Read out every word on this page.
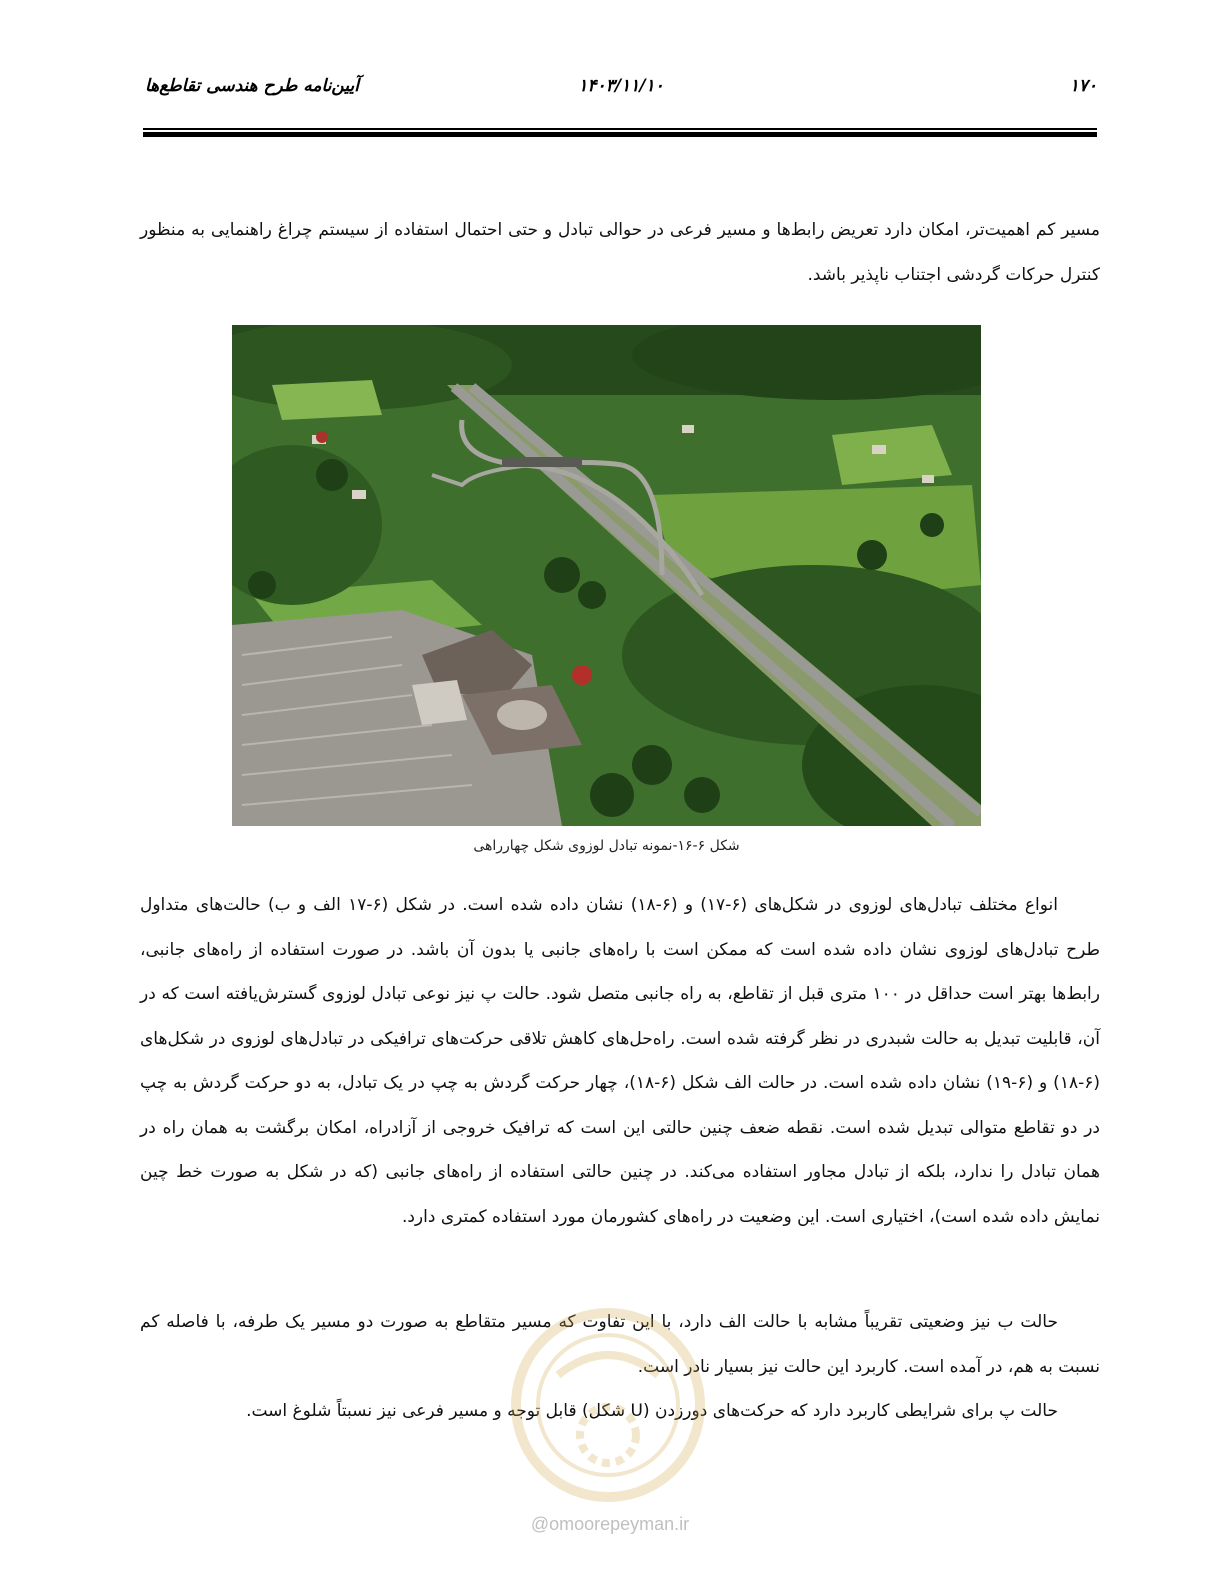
۱۷۰
۱۴۰۳/۱۱/۱۰
آیین‌نامه طرح هندسی تقاطع‌ها
مسیر کم اهمیت‌تر، امکان دارد تعریض رابط‌ها و مسیر فرعی در حوالی تبادل و حتی احتمال استفاده از سیستم چراغ راهنمایی به منظور کنترل حرکات گردشی اجتناب ناپذیر باشد.
شکل ۶-۱۶-نمونه تبادل لوزوی شکل چهارراهی
انواع مختلف تبادل‌های لوزوی در شکل‌های (۶-۱۷) و (۶-۱۸) نشان داده شده است. در شکل (۶-۱۷ الف و ب) حالت‌های متداول طرح تبادل‌های لوزوی نشان داده شده است که ممکن است با راه‌های جانبی یا بدون آن باشد. در صورت استفاده از راه‌های جانبی، رابط‌ها بهتر است حداقل در ۱۰۰ متری قبل از تقاطع، به راه جانبی متصل شود. حالت پ نیز نوعی تبادل لوزوی گسترش‌یافته است که در آن، قابلیت تبدیل به حالت شبدری در نظر گرفته شده است. راه‌حل‌های کاهش تلاقی حرکت‌های ترافیکی در تبادل‌های لوزوی در شکل‌های (۶-۱۸) و (۶-۱۹) نشان داده شده است. در حالت الف شکل (۶-۱۸)، چهار حرکت گردش به چپ در یک تبادل، به دو حرکت گردش به چپ در دو تقاطع متوالی تبدیل شده است. نقطه ضعف چنین حالتی این است که ترافیک خروجی از آزادراه، امکان برگشت به همان راه در همان تبادل را ندارد، بلکه از تبادل مجاور استفاده می‌کند. در چنین حالتی استفاده از راه‌های جانبی (که در شکل به صورت خط چین نمایش داده شده است)، اختیاری است. این وضعیت در راه‌های کشورمان مورد استفاده کمتری دارد.
حالت ب نیز وضعیتی تقریباً مشابه با حالت الف دارد، با این تفاوت که مسیر متقاطع به صورت دو مسیر یک طرفه، با فاصله کم نسبت به هم، در آمده است. کاربرد این حالت نیز بسیار نادر است.
حالت پ برای شرایطی کاربرد دارد که حرکت‌های دورزدن (U شکل) قابل توجه و مسیر فرعی نیز نسبتاً شلوغ است.
@omoorepeyman.ir
